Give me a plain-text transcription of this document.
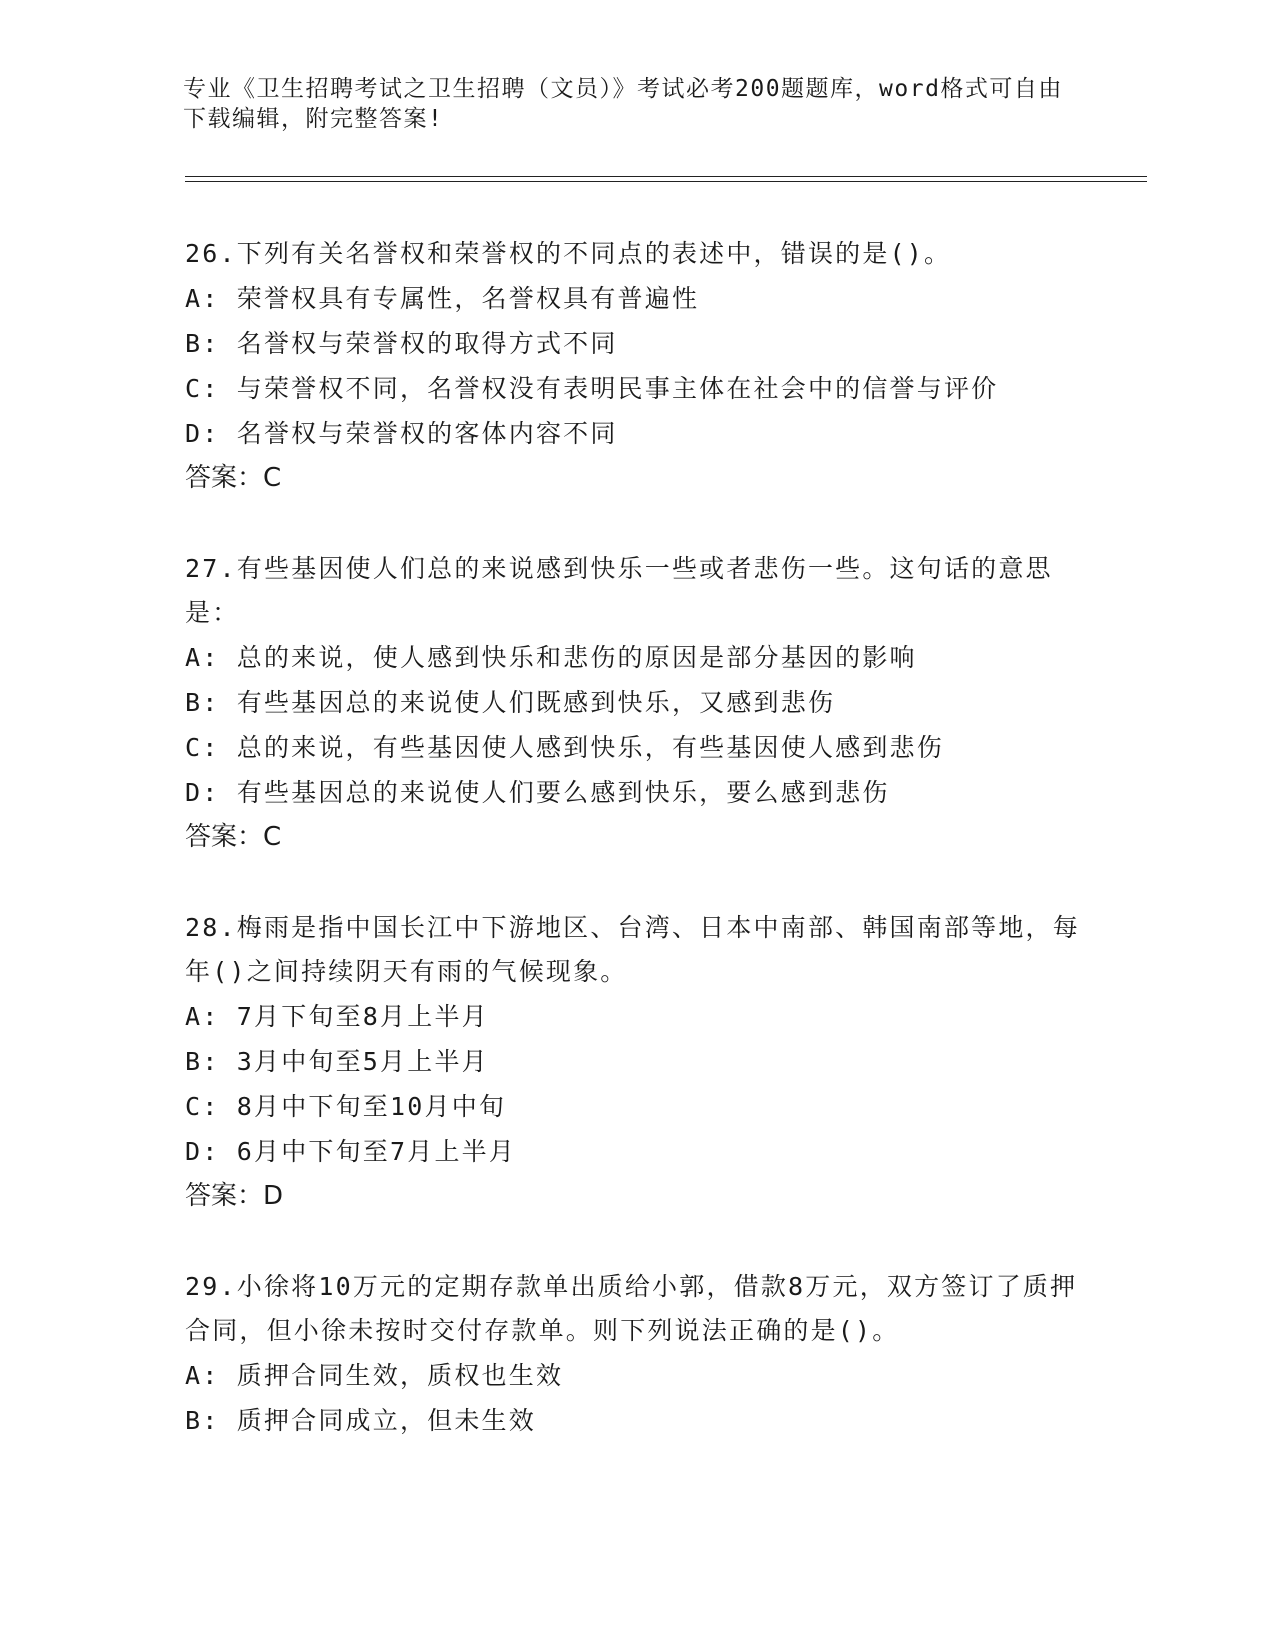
专业《卫生招聘考试之卫生招聘（文员）》考试必考200题题库，word格式可自由下载编辑，附完整答案!
26.下列有关名誉权和荣誉权的不同点的表述中，错误的是()。
A: 荣誉权具有专属性，名誉权具有普遍性
B: 名誉权与荣誉权的取得方式不同
C: 与荣誉权不同，名誉权没有表明民事主体在社会中的信誉与评价
D: 名誉权与荣誉权的客体内容不同
答案：C
27.有些基因使人们总的来说感到快乐一些或者悲伤一些。这句话的意思是：
A: 总的来说，使人感到快乐和悲伤的原因是部分基因的影响
B: 有些基因总的来说使人们既感到快乐，又感到悲伤
C: 总的来说，有些基因使人感到快乐，有些基因使人感到悲伤
D: 有些基因总的来说使人们要么感到快乐，要么感到悲伤
答案：C
28.梅雨是指中国长江中下游地区、台湾、日本中南部、韩国南部等地，每年()之间持续阴天有雨的气候现象。
A: 7月下旬至8月上半月
B: 3月中旬至5月上半月
C: 8月中下旬至10月中旬
D: 6月中下旬至7月上半月
答案：D
29.小徐将10万元的定期存款单出质给小郭，借款8万元，双方签订了质押合同，但小徐未按时交付存款单。则下列说法正确的是()。
A: 质押合同生效，质权也生效
B: 质押合同成立，但未生效
